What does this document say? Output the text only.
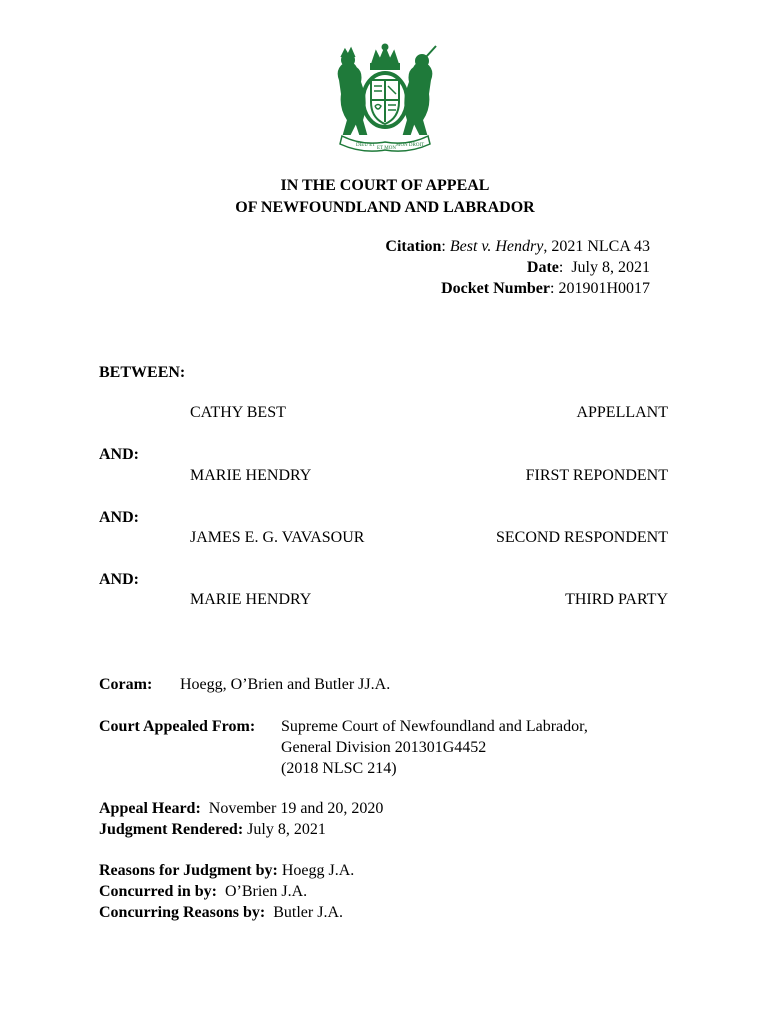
DIEU ET
ET MON
MON DROIT
IN THE COURT OF APPEAL
OF NEWFOUNDLAND AND LABRADOR
Citation: Best v. Hendry, 2021 NLCA 43
Date:  July 8, 2021
Docket Number: 201901H0017
BETWEEN:
CATHY BEST	APPELLANT
AND:
MARIE HENDRY	FIRST REPONDENT
AND:
JAMES E. G. VAVASOUR	SECOND RESPONDENT
AND:
MARIE HENDRY	THIRD PARTY
Coram: Hoegg, O’Brien and Butler JJ.A.
Court Appealed From: Supreme Court of Newfoundland and Labrador,
General Division 201301G4452
(2018 NLSC 214)
Appeal Heard: November 19 and 20, 2020
Judgment Rendered: July 8, 2021
Reasons for Judgment by: Hoegg J.A.
Concurred in by: O’Brien J.A.
Concurring Reasons by: Butler J.A.
